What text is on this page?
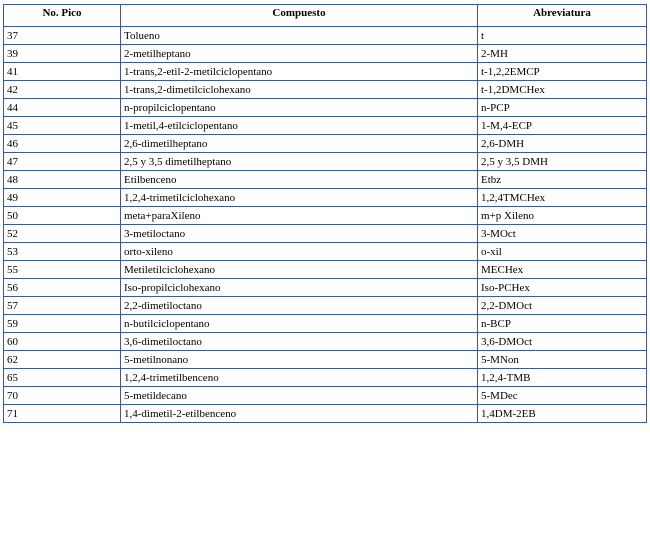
No. Pico	Compuesto	Abreviatura
37	Tolueno	t
39	2-metilheptano	2-MH
41	1-trans,2-etil-2-metilciclopentano	t-1,2,2EMCP
42	1-trans,2-dimetilciclohexano	t-1,2DMCHex
44	n-propilciclopentano	n-PCP
45	1-metil,4-etilciclopentano	1-M,4-ECP
46	2,6-dimetilheptano	2,6-DMH
47	2,5 y 3,5 dimetilheptano	2,5 y 3,5 DMH
48	Etilbenceno	Etbz
49	1,2,4-trimetilciclohexano	1,2,4TMCHex
50	meta+paraXileno	m+p Xileno
52	3-metiloctano	3-MOct
53	orto-xileno	o-xil
55	Metiletilciclohexano	MECHex
56	Iso-propilciclohexano	Iso-PCHex
57	2,2-dimetiloctano	2,2-DMOct
59	n-butilciclopentano	n-BCP
60	3,6-dimetiloctano	3,6-DMOct
62	5-metilnonano	5-MNon
65	1,2,4-trimetilbenceno	1,2,4-TMB
70	5-metildecano	5-MDec
71	1,4-dimetil-2-etilbenceno	1,4DM-2EB
